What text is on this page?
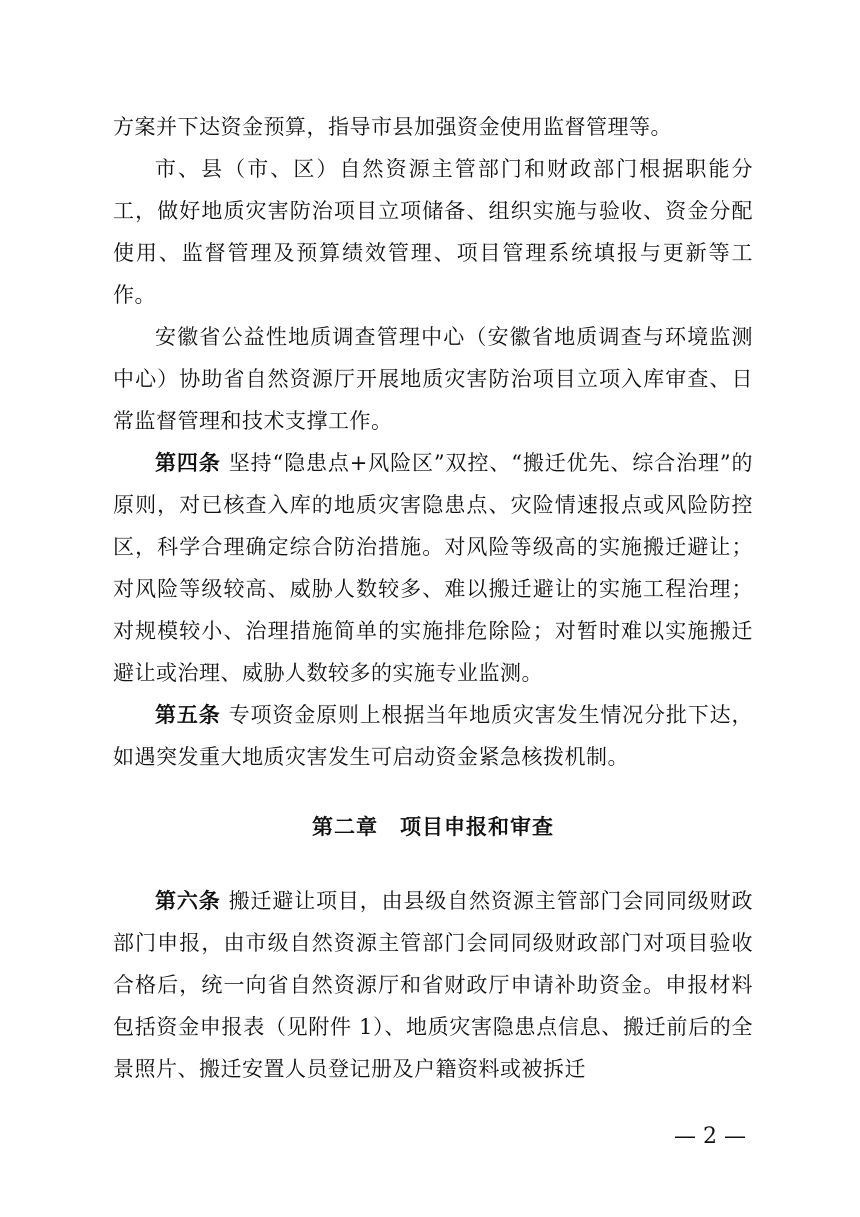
方案并下达资金预算，指导市县加强资金使用监督管理等。

市、县（市、区）自然资源主管部门和财政部门根据职能分工，做好地质灾害防治项目立项储备、组织实施与验收、资金分配使用、监督管理及预算绩效管理、项目管理系统填报与更新等工作。

安徽省公益性地质调查管理中心（安徽省地质调查与环境监测中心）协助省自然资源厅开展地质灾害防治项目立项入库审查、日常监督管理和技术支撑工作。

第四条 坚持“隐患点+风险区”双控、“搬迁优先、综合治理”的原则，对已核查入库的地质灾害隐患点、灾险情速报点或风险防控区，科学合理确定综合防治措施。对风险等级高的实施搬迁避让；对风险等级较高、威胁人数较多、难以搬迁避让的实施工程治理；对规模较小、治理措施简单的实施排危除险；对暂时难以实施搬迁避让或治理、威胁人数较多的实施专业监测。

第五条 专项资金原则上根据当年地质灾害发生情况分批下达，如遇突发重大地质灾害发生可启动资金紧急核拨机制。

第二章　项目申报和审查

第六条 搬迁避让项目，由县级自然资源主管部门会同同级财政部门申报，由市级自然资源主管部门会同同级财政部门对项目验收合格后，统一向省自然资源厅和省财政厅申请补助资金。申报材料包括资金申报表（见附件 1）、地质灾害隐患点信息、搬迁前后的全景照片、搬迁安置人员登记册及户籍资料或被拆迁

— 2 —
